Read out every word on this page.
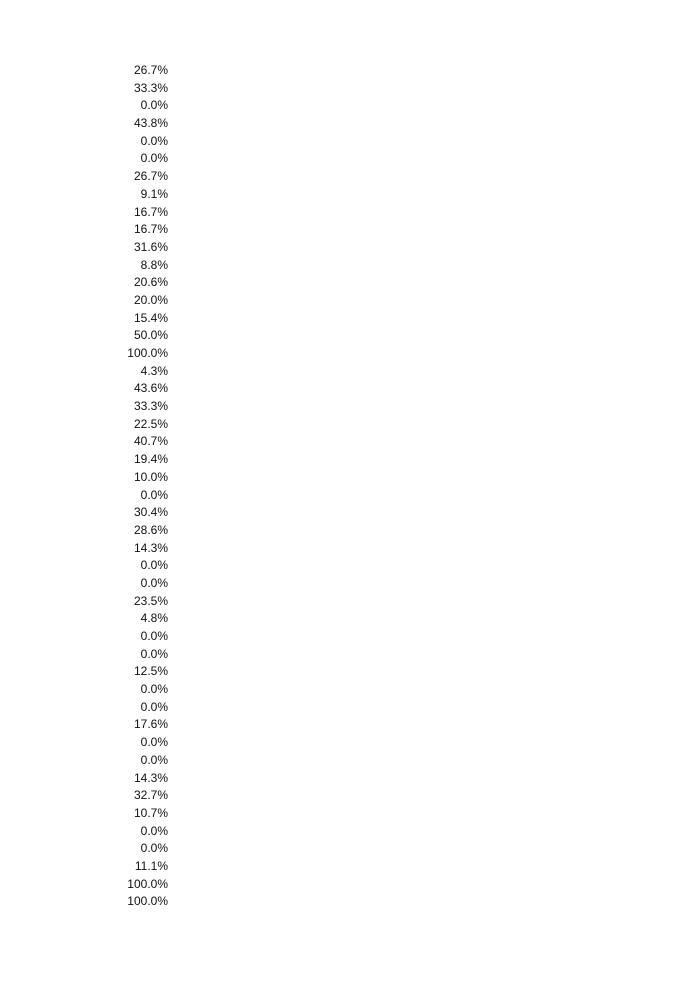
26.7%
33.3%
0.0%
43.8%
0.0%
0.0%
26.7%
9.1%
16.7%
16.7%
31.6%
8.8%
20.6%
20.0%
15.4%
50.0%
100.0%
4.3%
43.6%
33.3%
22.5%
40.7%
19.4%
10.0%
0.0%
30.4%
28.6%
14.3%
0.0%
0.0%
23.5%
4.8%
0.0%
0.0%
12.5%
0.0%
0.0%
17.6%
0.0%
0.0%
14.3%
32.7%
10.7%
0.0%
0.0%
11.1%
100.0%
100.0%
